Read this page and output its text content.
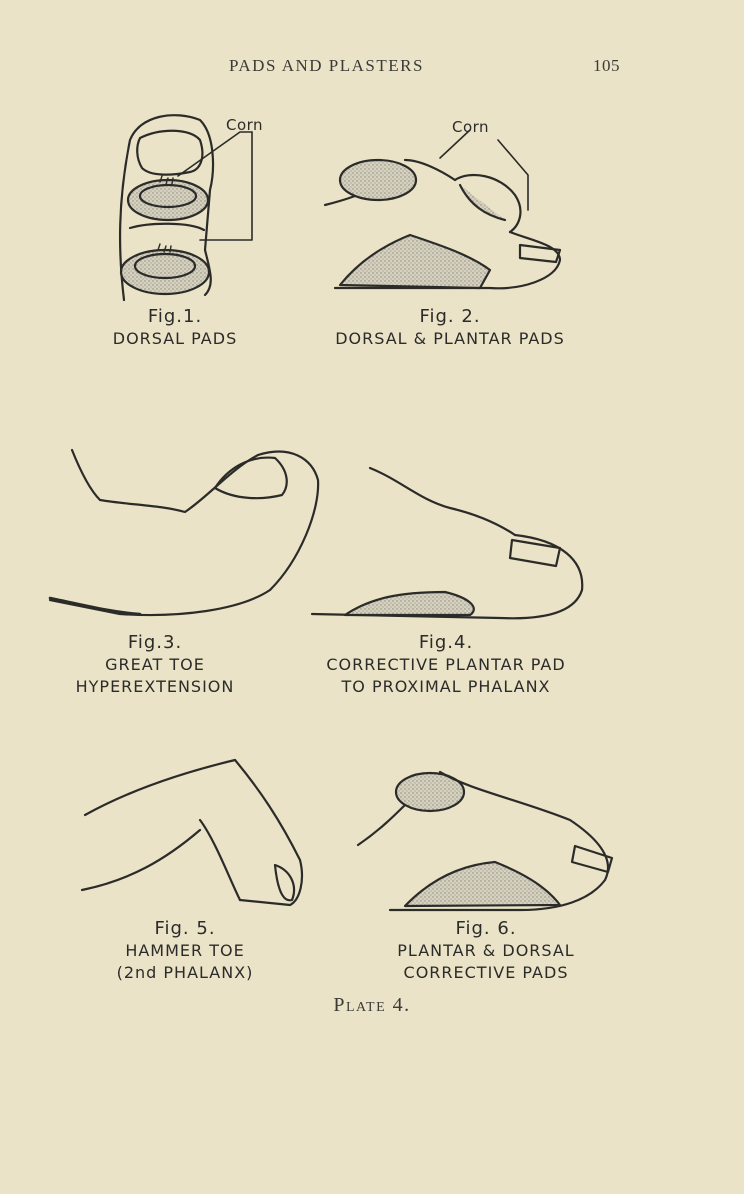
PADS AND PLASTERS	105
Corn	Corn
Fig.1.
DORSAL PADS
Fig. 2.
DORSAL & PLANTAR PADS
Fig.3.
GREAT TOE
HYPEREXTENSION
Fig.4.
CORRECTIVE PLANTAR PAD
TO PROXIMAL PHALANX
Fig. 5.
HAMMER TOE
(2nd PHALANX)
Fig. 6.
PLANTAR & DORSAL
CORRECTIVE PADS
Plate 4.
